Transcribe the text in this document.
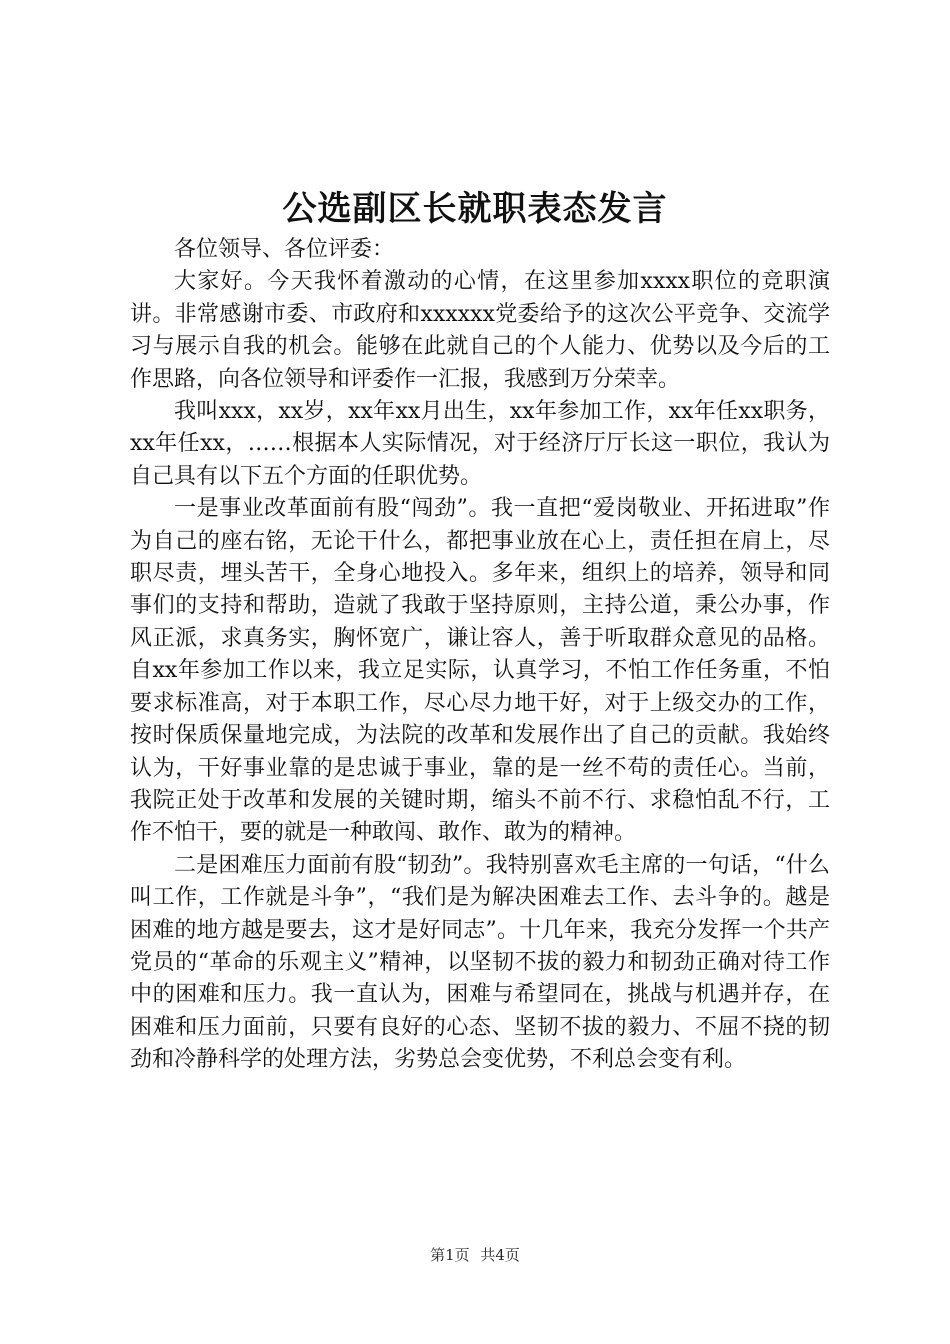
公选副区长就职表态发言

各位领导、各位评委：

大家好。今天我怀着激动的心情，在这里参加xxxx职位的竞职演讲。非常感谢市委、市政府和xxxxxx党委给予的这次公平竞争、交流学习与展示自我的机会。能够在此就自己的个人能力、优势以及今后的工作思路，向各位领导和评委作一汇报，我感到万分荣幸。

我叫xxx，xx岁，xx年xx月出生，xx年参加工作，xx年任xx职务，xx年任xx，……根据本人实际情况，对于经济厅厅长这一职位，我认为自己具有以下五个方面的任职优势。

一是事业改革面前有股“闯劲”。我一直把“爱岗敬业、开拓进取”作为自己的座右铭，无论干什么，都把事业放在心上，责任担在肩上，尽职尽责，埋头苦干，全身心地投入。多年来，组织上的培养，领导和同事们的支持和帮助，造就了我敢于坚持原则，主持公道，秉公办事，作风正派，求真务实，胸怀宽广，谦让容人，善于听取群众意见的品格。自xx年参加工作以来，我立足实际，认真学习，不怕工作任务重，不怕要求标准高，对于本职工作，尽心尽力地干好，对于上级交办的工作，按时保质保量地完成，为法院的改革和发展作出了自己的贡献。我始终认为，干好事业靠的是忠诚于事业，靠的是一丝不苟的责任心。当前，我院正处于改革和发展的关键时期，缩头不前不行、求稳怕乱不行，工作不怕干，要的就是一种敢闯、敢作、敢为的精神。

二是困难压力面前有股“韧劲”。我特别喜欢毛主席的一句话，“什么叫工作，工作就是斗争”，“我们是为解决困难去工作、去斗争的。越是困难的地方越是要去，这才是好同志”。十几年来，我充分发挥一个共产党员的“革命的乐观主义”精神，以坚韧不拔的毅力和韧劲正确对待工作中的困难和压力。我一直认为，困难与希望同在，挑战与机遇并存，在困难和压力面前，只要有良好的心态、坚韧不拔的毅力、不屈不挠的韧劲和冷静科学的处理方法，劣势总会变优势，不利总会变有利。

第1页 共4页
